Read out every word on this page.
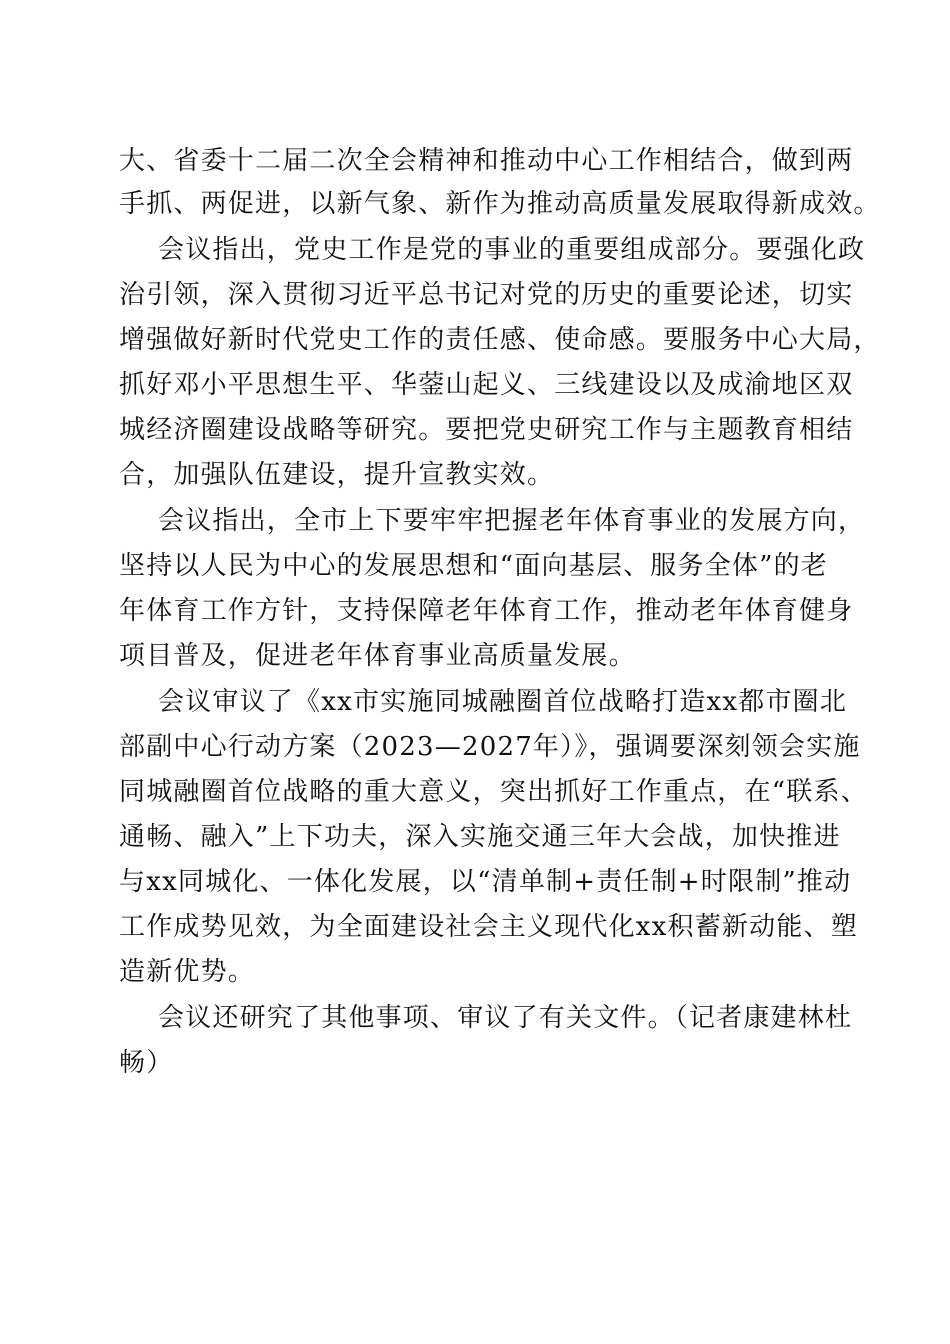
大、省委十二届二次全会精神和推动中心工作相结合，做到两
手抓、两促进，以新气象、新作为推动高质量发展取得新成效。
会议指出，党史工作是党的事业的重要组成部分。要强化政
治引领，深入贯彻习近平总书记对党的历史的重要论述，切实
增强做好新时代党史工作的责任感、使命感。要服务中心大局，
抓好邓小平思想生平、华蓥山起义、三线建设以及成渝地区双
城经济圈建设战略等研究。要把党史研究工作与主题教育相结
合，加强队伍建设，提升宣教实效。
会议指出，全市上下要牢牢把握老年体育事业的发展方向，
坚持以人民为中心的发展思想和“面向基层、服务全体”的老
年体育工作方针，支持保障老年体育工作，推动老年体育健身
项目普及，促进老年体育事业高质量发展。
会议审议了《xx市实施同城融圈首位战略打造xx都市圈北
部副中心行动方案（2023—2027年）》，强调要深刻领会实施
同城融圈首位战略的重大意义，突出抓好工作重点，在“联系、
通畅、融入”上下功夫，深入实施交通三年大会战，加快推进
与xx同城化、一体化发展，以“清单制+责任制+时限制”推动
工作成势见效，为全面建设社会主义现代化xx积蓄新动能、塑
造新优势。
会议还研究了其他事项、审议了有关文件。（记者康建林杜
畅）
